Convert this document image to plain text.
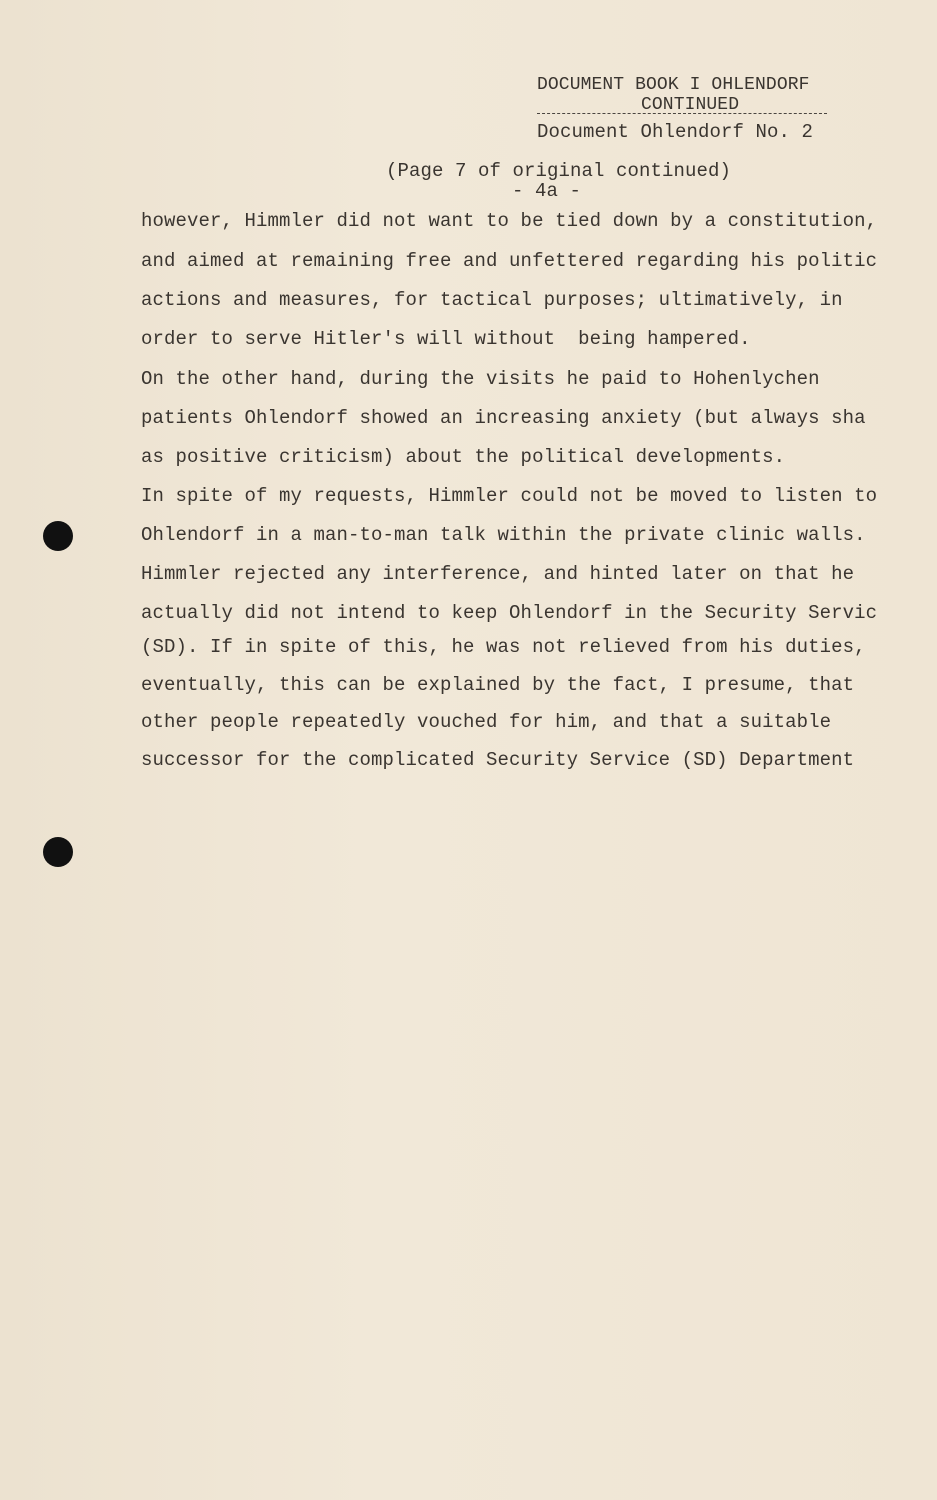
DOCUMENT BOOK I OHLENDORF
CONTINUED
Document Ohlendorf No. 2
(Page 7 of original continued)
- 4a -
however, Himmler did not want to be tied down by a constitution,
and aimed at remaining free and unfettered regarding his politic
actions and measures, for tactical purposes; ultimatively, in
order to serve Hitler's will without  being hampered.
On the other hand, during the visits he paid to Hohenlychen
patients Ohlendorf showed an increasing anxiety (but always sha
as positive criticism) about the political developments.
In spite of my requests, Himmler could not be moved to listen to
Ohlendorf in a man-to-man talk within the private clinic walls.
Himmler rejected any interference, and hinted later on that he
actually did not intend to keep Ohlendorf in the Security Servic
(SD). If in spite of this, he was not relieved from his duties,
eventually, this can be explained by the fact, I presume, that
other people repeatedly vouched for him, and that a suitable
successor for the complicated Security Service (SD) Department
